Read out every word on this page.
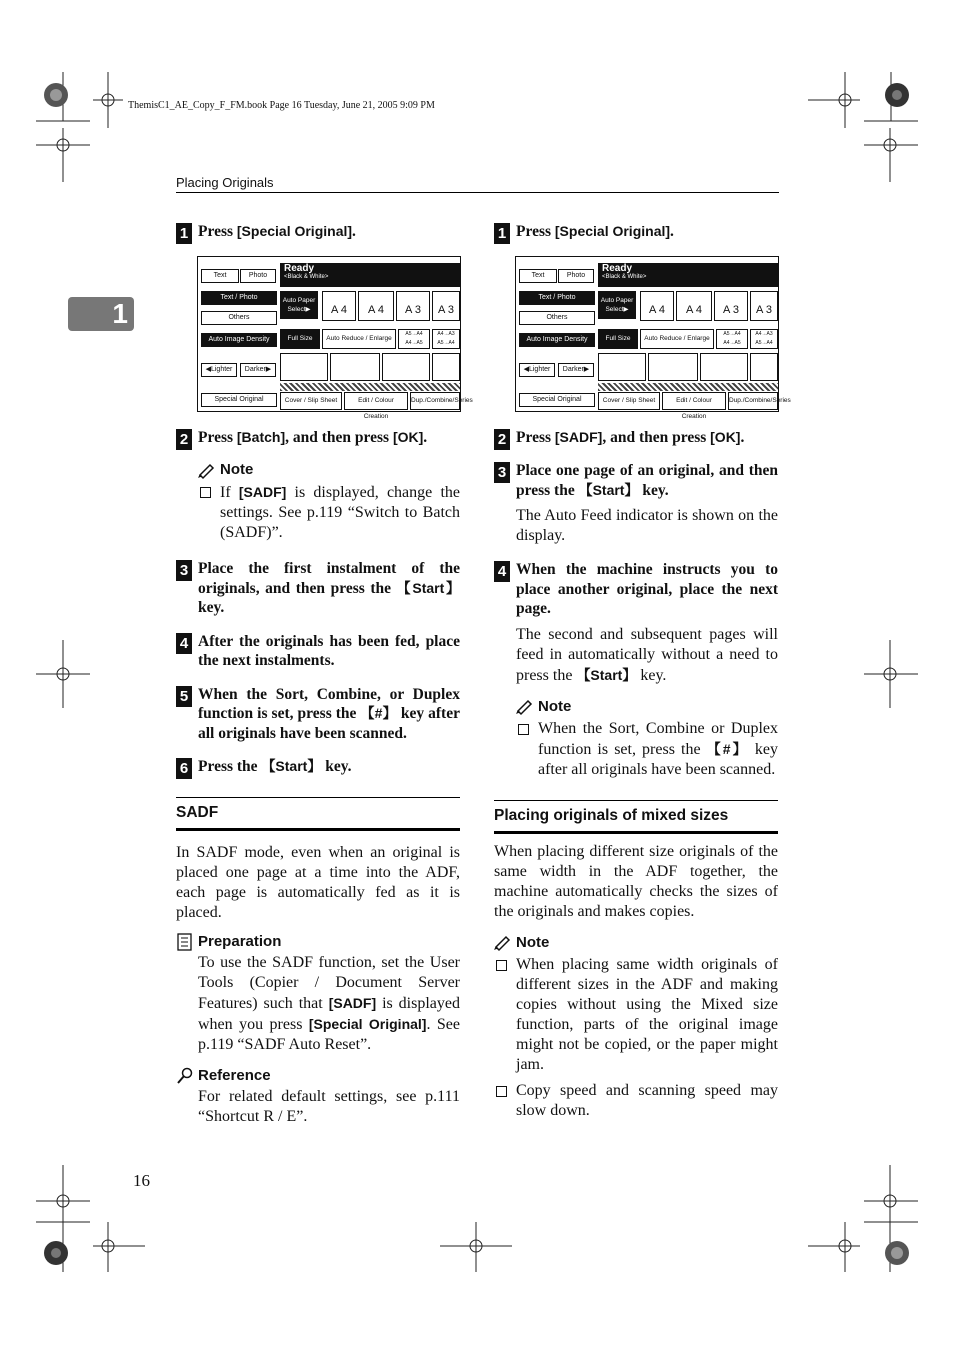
ThemisC1_AE_Copy_F_FM.book Page 16 Tuesday, June 21, 2005 9:09 PM
Placing Originals
1
16
1 Press [Special Original].
Text	Photo
Text / Photo
Others
Auto Image Density
◀Lighter	Darker▶
Special Original
Ready
<Black & White>
Auto Paper Select▶	A 4	A 4	A 3	A 3
Full Size	Auto Reduce / Enlarge
A5→A4 A4→A5
A4→A3 A5→A4
Cover / Slip Sheet	Edit / Colour Creation
Dup./Combine/Series
2 Press [Batch], and then press [OK].
Note
If [SADF] is displayed, change the settings. See p.119 “Switch to Batch (SADF)”.
3 Place the first instalment of the originals, and then press the 【Start】 key.
4 After the originals has been fed, place the next instalments.
5 When the Sort, Combine, or Duplex function is set, press the 【#】 key after all originals have been scanned.
6 Press the 【Start】 key.
SADF
In SADF mode, even when an original is placed one page at a time into the ADF, each page is automatically fed as it is placed.
Preparation
To use the SADF function, set the User Tools (Copier / Document Server Features) such that [SADF] is displayed when you press [Special Original]. See p.119 “SADF Auto Reset”.
Reference
For related default settings, see p.111 “Shortcut R / E”.
1 Press [Special Original].
Text	Photo
Text / Photo
Others
Auto Image Density
◀Lighter	Darker▶
Special Original
Ready
<Black & White>
Auto Paper Select▶	A 4	A 4	A 3	A 3
Full Size	Auto Reduce / Enlarge
A5→A4 A4→A5
A4→A3 A5→A4
Cover / Slip Sheet	Edit / Colour Creation
Dup./Combine/Series
2 Press [SADF], and then press [OK].
3 Place one page of an original, and then press the 【Start】 key.
The Auto Feed indicator is shown on the display.
4 When the machine instructs you to place another original, place the next page.
The second and subsequent pages will feed in automatically without a need to press the 【Start】 key.
Note
When the Sort, Combine or Duplex function is set, press the 【#】 key after all originals have been scanned.
Placing originals of mixed sizes
When placing different size originals of the same width in the ADF together, the machine automatically checks the sizes of the originals and makes copies.
Note
When placing same width originals of different sizes in the ADF and making copies without using the Mixed size function, parts of the original image might not be copied, or the paper might jam.
Copy speed and scanning speed may slow down.
